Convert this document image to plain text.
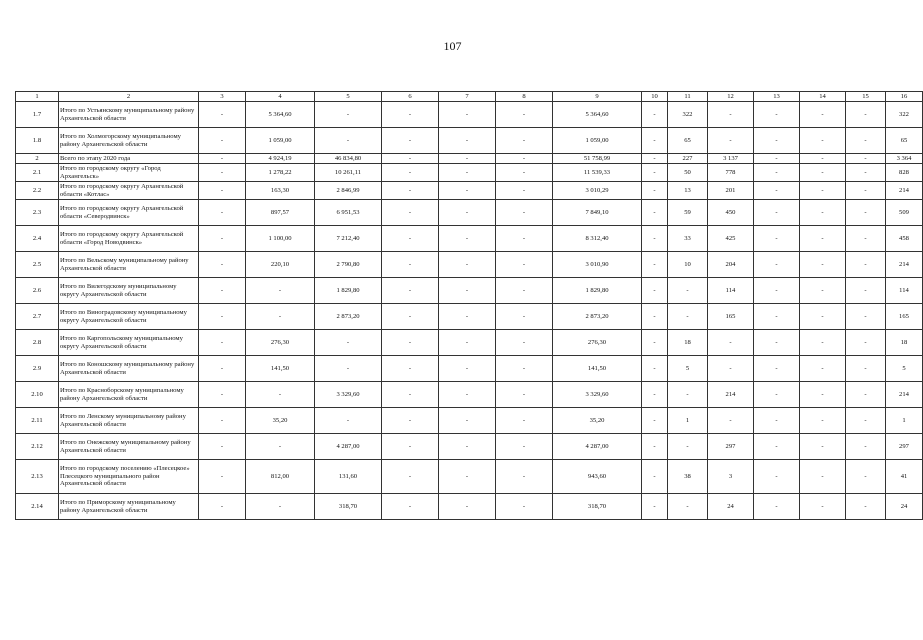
107
1	2	3	4	5	6	7	8	9	10	11	12	13	14	15	16
1.7	Итого по Устьянскому муниципальному району Архангельской области	-	5 364,60	-	-	-	-	5 364,60	-	322	-	-	-	-	322
1.8	Итого по Холмогорскому муниципальному району Архангельской области	-	1 059,00	-	-	-	-	1 059,00	-	65	-	-	-	-	65
2	Всего по этапу 2020 года	-	4 924,19	46 834,80	-	-	-	51 758,99	-	227	3 137	-	-	-	3 364
2.1	Итого по городскому округу «Город Архангельск»	-	1 278,22	10 261,11	-	-	-	11 539,33	-	50	778	-	-	-	828
2.2	Итого по городскому округу Архангельской области «Котлас»	-	163,30	2 846,99	-	-	-	3 010,29	-	13	201	-	-	-	214
2.3	Итого по городскому округу Архангельской области «Северодвинск»	-	897,57	6 951,53	-	-	-	7 849,10	-	59	450	-	-	-	509
2.4	Итого по городскому округу Архангельской области «Город Новодвинск»	-	1 100,00	7 212,40	-	-	-	8 312,40	-	33	425	-	-	-	458
2.5	Итого по Вельскому муниципальному району Архангельской области	-	220,10	2 790,80	-	-	-	3 010,90	-	10	204	-	-	-	214
2.6	Итого по Вилегодскому муниципальному округу Архангельской области	-	-	1 829,80	-	-	-	1 829,80	-	-	114	-	-	-	114
2.7	Итого по Виноградовскому муниципальному округу Архангельской области	-	-	2 873,20	-	-	-	2 873,20	-	-	165	-	-	-	165
2.8	Итого по Каргопольскому муниципальному округу Архангельской области	-	276,30	-	-	-	-	276,30	-	18	-	-	-	-	18
2.9	Итого по Коношскому муниципальному району Архангельской области	-	141,50	-	-	-	-	141,50	-	5	-	-	-	-	5
2.10	Итого по Красноборскому муниципальному району Архангельской области	-	-	3 329,60	-	-	-	3 329,60	-	-	214	-	-	-	214
2.11	Итого по Ленскому муниципальному району Архангельской области	-	35,20	-	-	-	-	35,20	-	1	-	-	-	-	1
2.12	Итого по Онежскому муниципальному району Архангельской области	-	-	4 287,00	-	-	-	4 287,00	-	-	297	-	-	-	297
2.13	Итого по городскому поселению «Плесецкое» Плесецкого муниципального район Архангельской области	-	812,00	131,60	-	-	-	943,60	-	38	3	-	-	-	41
2.14	Итого по Приморскому муниципальному району Архангельской области	-	-	318,70	-	-	-	318,70	-	-	24	-	-	-	24
